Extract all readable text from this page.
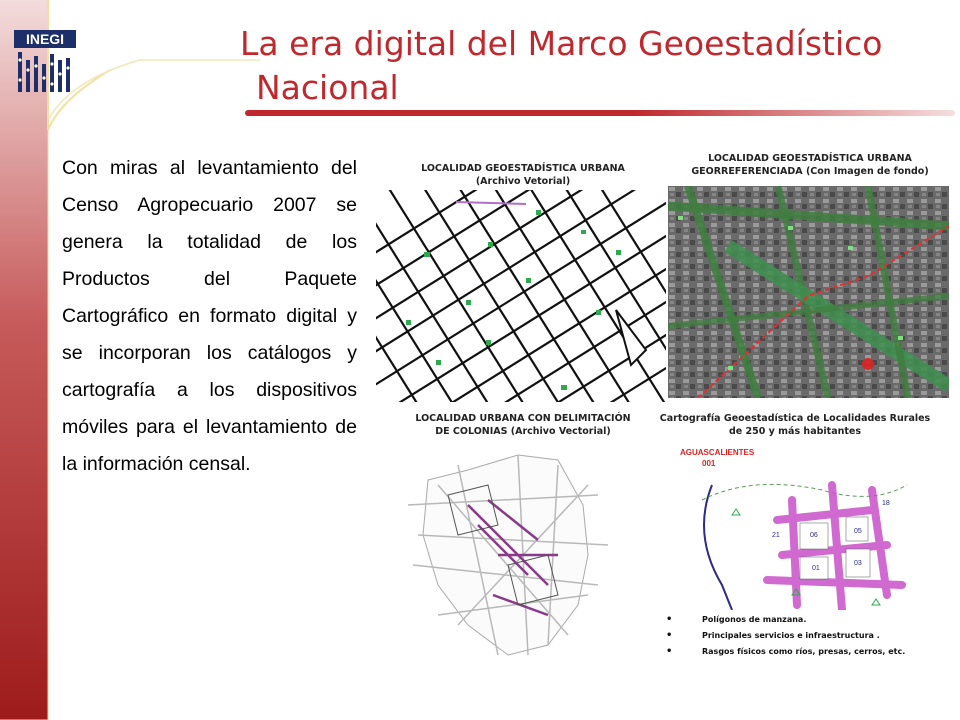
INEGI	La era digital del Marco Geoestadístico
Nacional
Con miras al levantamiento del Censo Agropecuario 2007 se genera la totalidad de los Productos del Paquete Cartográfico en formato digital y se incorporan los catálogos y cartografía a los dispositivos móviles para el levantamiento de la información censal.
LOCALIDAD GEOESTADÍSTICA URBANA
(Archivo Vetorial)
LOCALIDAD GEOESTADÍSTICA URBANA
GEORREFERENCIADA (Con Imagen de fondo)
LOCALIDAD URBANA CON DELIMITACIÓN
DE COLONIAS (Archivo Vectorial)
Cartografía Geoestadística de Localidades Rurales
de 250 y más habitantes
AGUASCALIENTES
001
06
01
05
03
21
18
• Polígonos de manzana.
• Principales servicios e infraestructura .
• Rasgos físicos como ríos, presas, cerros, etc.
